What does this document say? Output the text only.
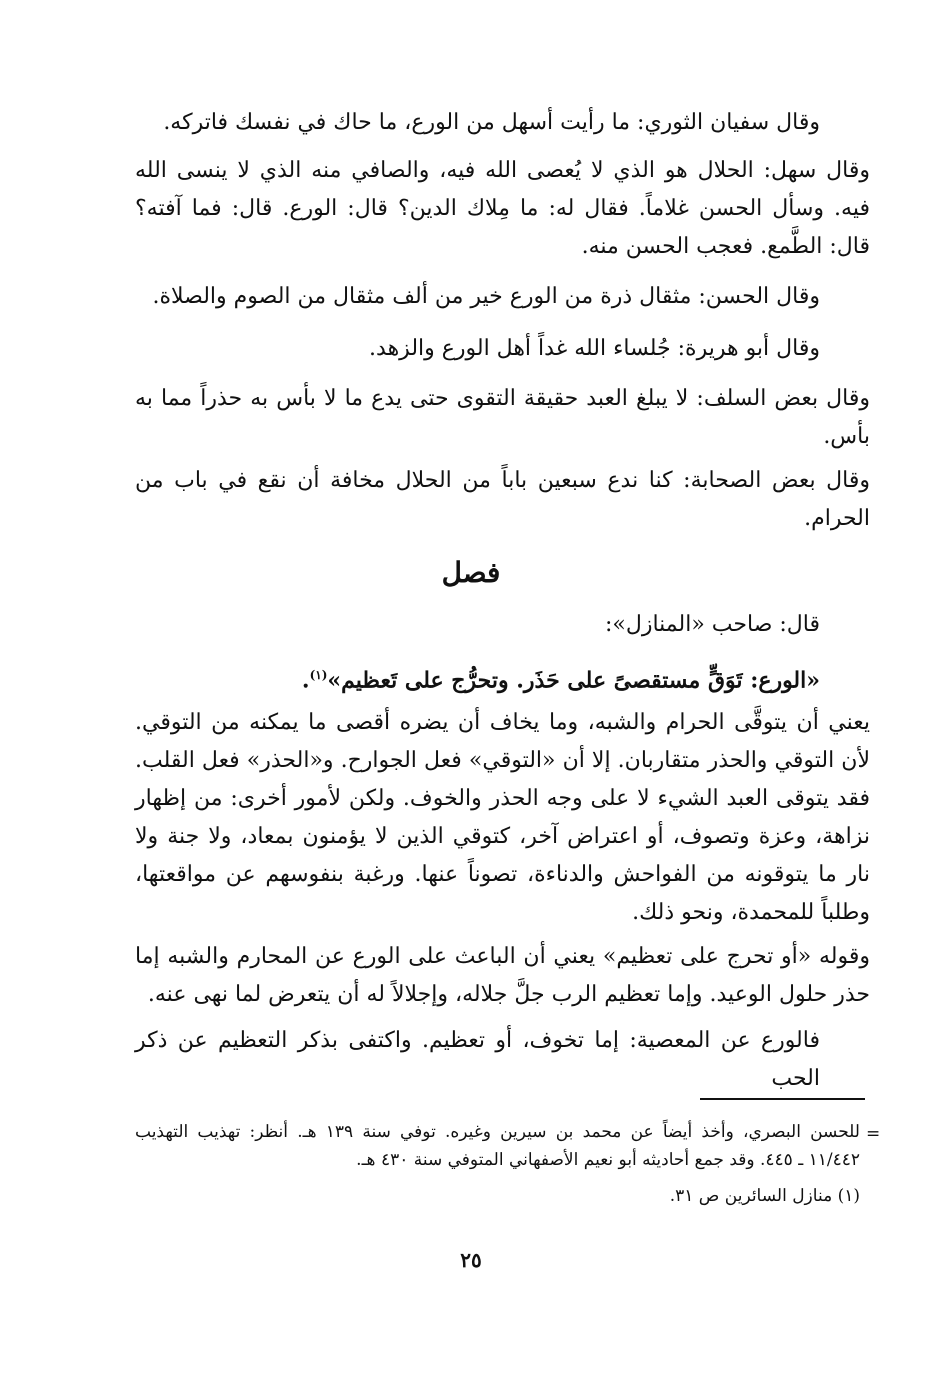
وقال سفيان الثوري: ما رأيت أسهل من الورع، ما حاك في نفسك فاتركه.

وقال سهل: الحلال هو الذي لا يُعصى الله فيه، والصافي منه الذي لا ينسى الله فيه. وسأل الحسن غلاماً. فقال له: ما مِلاك الدين؟ قال: الورع. قال: فما آفته؟ قال: الطَّمع. فعجب الحسن منه.

وقال الحسن: مثقال ذرة من الورع خير من ألف مثقال من الصوم والصلاة.

وقال أبو هريرة: جُلساء الله غداً أهل الورع والزهد.

وقال بعض السلف: لا يبلغ العبد حقيقة التقوى حتى يدع ما لا بأس به حذراً مما به بأس.

وقال بعض الصحابة: كنا ندع سبعين باباً من الحلال مخافة أن نقع في باب من الحرام.

فصل

قال: صاحب «المنازل»:

«الورع: تَوَقٍّ مستقصىً على حَذَر. وتحرُّج على تَعظيم»$^{(١)}$.

يعني أن يتوقَّى الحرام والشبه، وما يخاف أن يضره أقصى ما يمكنه من التوقي. لأن التوقي والحذر متقاربان. إلا أن «التوقي» فعل الجوارح. و«الحذر» فعل القلب. فقد يتوقى العبد الشيء لا على وجه الحذر والخوف. ولكن لأمور أخرى: من إظهار نزاهة، وعزة وتصوف، أو اعتراض آخر، كتوقي الذين لا يؤمنون بمعاد، ولا جنة ولا نار ما يتوقونه من الفواحش والدناءة، تصوناً عنها. ورغبة بنفوسهم عن مواقعتها، وطلباً للمحمدة، ونحو ذلك.

وقوله «أو تحرج على تعظيم» يعني أن الباعث على الورع عن المحارم والشبه إما حذر حلول الوعيد. وإما تعظيم الرب جلَّ جلاله، وإجلالاً له أن يتعرض لما نهى عنه.

فالورع عن المعصية: إما تخوف، أو تعظيم. واكتفى بذكر التعظيم عن ذكر الحب

=

للحسن البصري، وأخذ أيضاً عن محمد بن سيرين وغيره. توفي سنة ١٣٩ هـ. أنظر: تهذيب التهذيب ١١/٤٤٢ ـ ٤٤٥. وقد جمع أحاديثه أبو نعيم الأصفهاني المتوفي سنة ٤٣٠ هـ.

(١) منازل السائرين ص ٣١.

٢٥
